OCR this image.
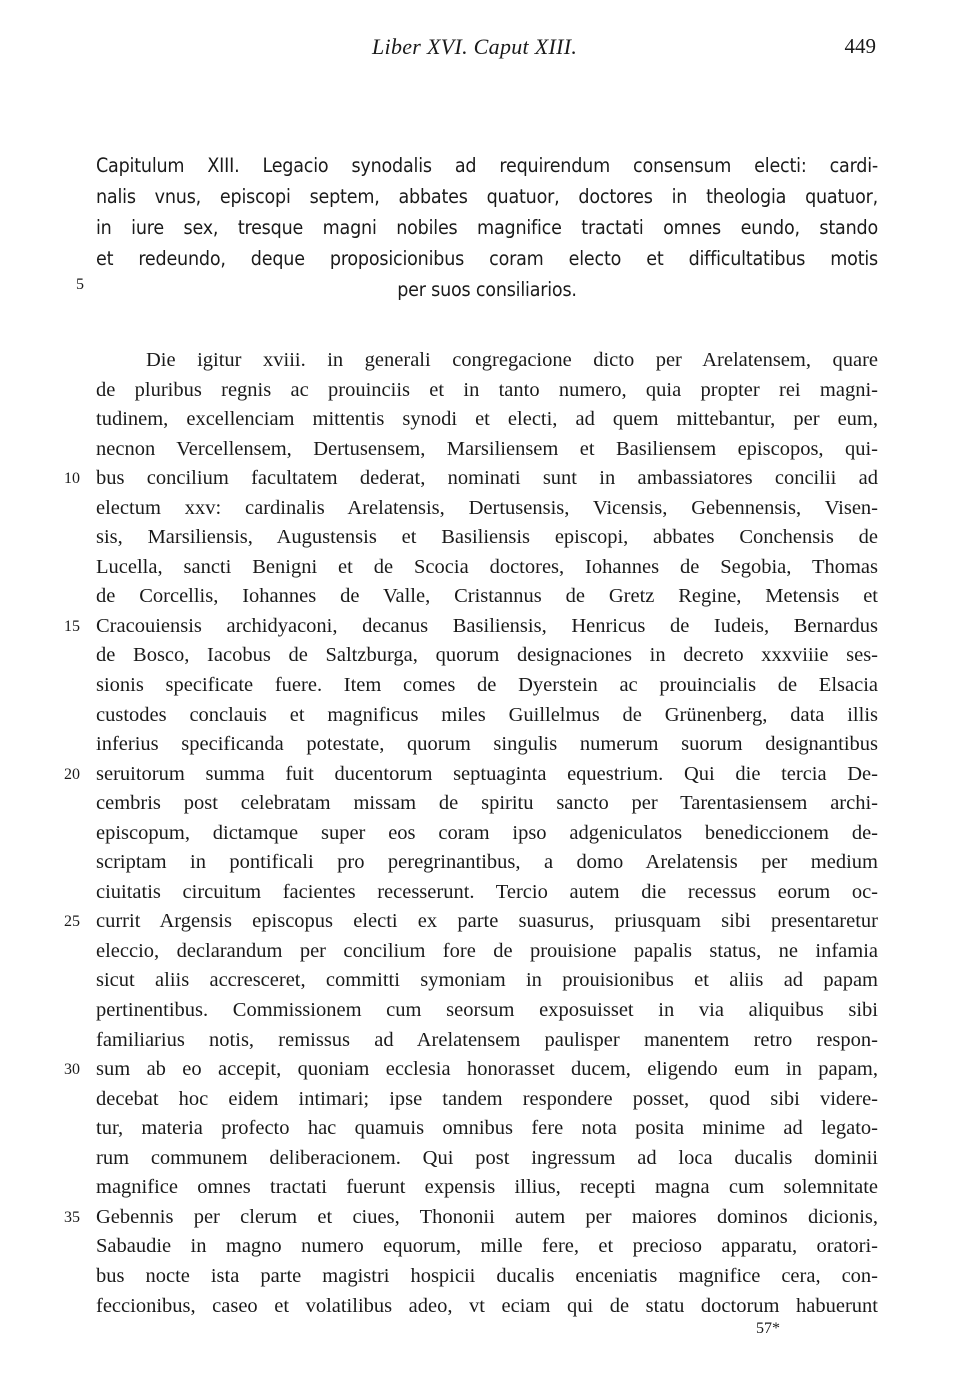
Liber XVI. Caput XIII.	449
Capitulum XIII. Legacio synodalis ad requirendum consensum electi: cardi-
nalis vnus, episcopi septem, abbates quatuor, doctores in theologia quatuor,
in iure sex, tresque magni nobiles magnifice tractati omnes eundo, stando
et redeundo, deque proposicionibus coram electo et difficultatibus motis
per suos consiliarios.
5
Die igitur xviii. in generali congregacione dicto per Arelatensem, quare
de pluribus regnis ac prouinciis et in tanto numero, quia propter rei magni-
tudinem, excellenciam mittentis synodi et electi, ad quem mittebantur, per eum,
necnon Vercellensem, Dertusensem, Marsiliensem et Basiliensem episcopos, qui-
bus concilium facultatem dederat, nominati sunt in ambassiatores concilii ad
10
electum xxv: cardinalis Arelatensis, Dertusensis, Vicensis, Gebennensis, Visen-
sis, Marsiliensis, Augustensis et Basiliensis episcopi, abbates Conchensis de
Lucella, sancti Benigni et de Scocia doctores, Iohannes de Segobia, Thomas
de Corcellis, Iohannes de Valle, Cristannus de Gretz Regine, Metensis et
Cracouiensis archidyaconi, decanus Basiliensis, Henricus de Iudeis, Bernardus
15
de Bosco, Iacobus de Saltzburga, quorum designaciones in decreto xxxviiie ses-
sionis specificate fuere. Item comes de Dyerstein ac prouincialis de Elsacia
custodes conclauis et magnificus miles Guillelmus de Grünenberg, data illis
inferius specificanda potestate, quorum singulis numerum suorum designantibus
seruitorum summa fuit ducentorum septuaginta equestrium. Qui die tercia De-
20
cembris post celebratam missam de spiritu sancto per Tarentasiensem archi-
episcopum, dictamque super eos coram ipso adgeniculatos benediccionem de-
scriptam in pontificali pro peregrinantibus, a domo Arelatensis per medium
ciuitatis circuitum facientes recesserunt. Tercio autem die recessus eorum oc-
currit Argensis episcopus electi ex parte suasurus, priusquam sibi presentaretur
25
eleccio, declarandum per concilium fore de prouisione papalis status, ne infamia
sicut aliis accresceret, committi symoniam in prouisionibus et aliis ad papam
pertinentibus. Commissionem cum seorsum exposuisset in via aliquibus sibi
familiarius notis, remissus ad Arelatensem paulisper manentem retro respon-
sum ab eo accepit, quoniam ecclesia honorasset ducem, eligendo eum in papam,
30
decebat hoc eidem intimari; ipse tandem respondere posset, quod sibi videre-
tur, materia profecto hac quamuis omnibus fere nota posita minime ad legato-
rum communem deliberacionem. Qui post ingressum ad loca ducalis dominii
magnifice omnes tractati fuerunt expensis illius, recepti magna cum solemnitate
Gebennis per clerum et ciues, Thononii autem per maiores dominos dicionis,
35
Sabaudie in magno numero equorum, mille fere, et precioso apparatu, oratori-
bus nocte ista parte magistri hospicii ducalis enceniatis magnifice cera, con-
feccionibus, caseo et volatilibus adeo, vt eciam qui de statu doctorum habuerunt
57*
